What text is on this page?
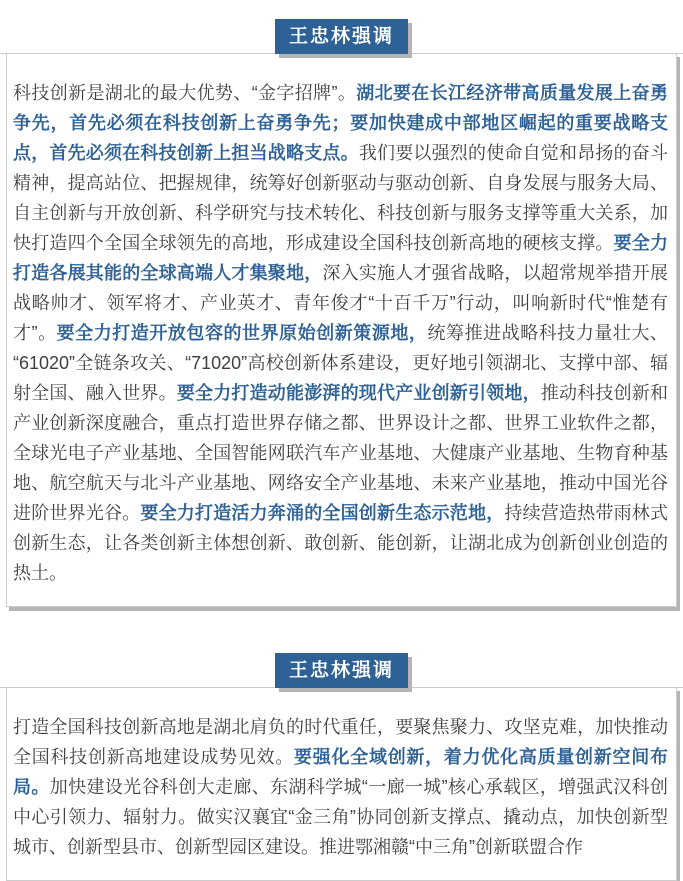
王忠林强调

科技创新是湖北的最大优势、“金字招牌”。湖北要在长江经济带高质量发展上奋勇争先，首先必须在科技创新上奋勇争先；要加快建成中部地区崛起的重要战略支点，首先必须在科技创新上担当战略支点。我们要以强烈的使命自觉和昂扬的奋斗精神，提高站位、把握规律，统筹好创新驱动与驱动创新、自身发展与服务大局、自主创新与开放创新、科学研究与技术转化、科技创新与服务支撑等重大关系，加快打造四个全国全球领先的高地，形成建设全国科技创新高地的硬核支撑。要全力打造各展其能的全球高端人才集聚地，深入实施人才强省战略，以超常规举措开展战略帅才、领军将才、产业英才、青年俊才“十百千万”行动，叫响新时代“惟楚有才”。要全力打造开放包容的世界原始创新策源地，统筹推进战略科技力量壮大、“61020”全链条攻关、“71020”高校创新体系建设，更好地引领湖北、支撑中部、辐射全国、融入世界。要全力打造动能澎湃的现代产业创新引领地，推动科技创新和产业创新深度融合，重点打造世界存储之都、世界设计之都、世界工业软件之都，全球光电子产业基地、全国智能网联汽车产业基地、大健康产业基地、生物育种基地、航空航天与北斗产业基地、网络安全产业基地、未来产业基地，推动中国光谷进阶世界光谷。要全力打造活力奔涌的全国创新生态示范地，持续营造热带雨林式创新生态，让各类创新主体想创新、敢创新、能创新，让湖北成为创新创业创造的热土。

王忠林强调

打造全国科技创新高地是湖北肩负的时代重任，要聚焦聚力、攻坚克难，加快推动全国科技创新高地建设成势见效。要强化全域创新，着力优化高质量创新空间布局。加快建设光谷科创大走廊、东湖科学城“一廊一城”核心承载区，增强武汉科创中心引领力、辐射力。做实汉襄宜“金三角”协同创新支撑点、撬动点，加快创新型城市、创新型县市、创新型园区建设。推进鄂湘赣“中三角”创新联盟合作
